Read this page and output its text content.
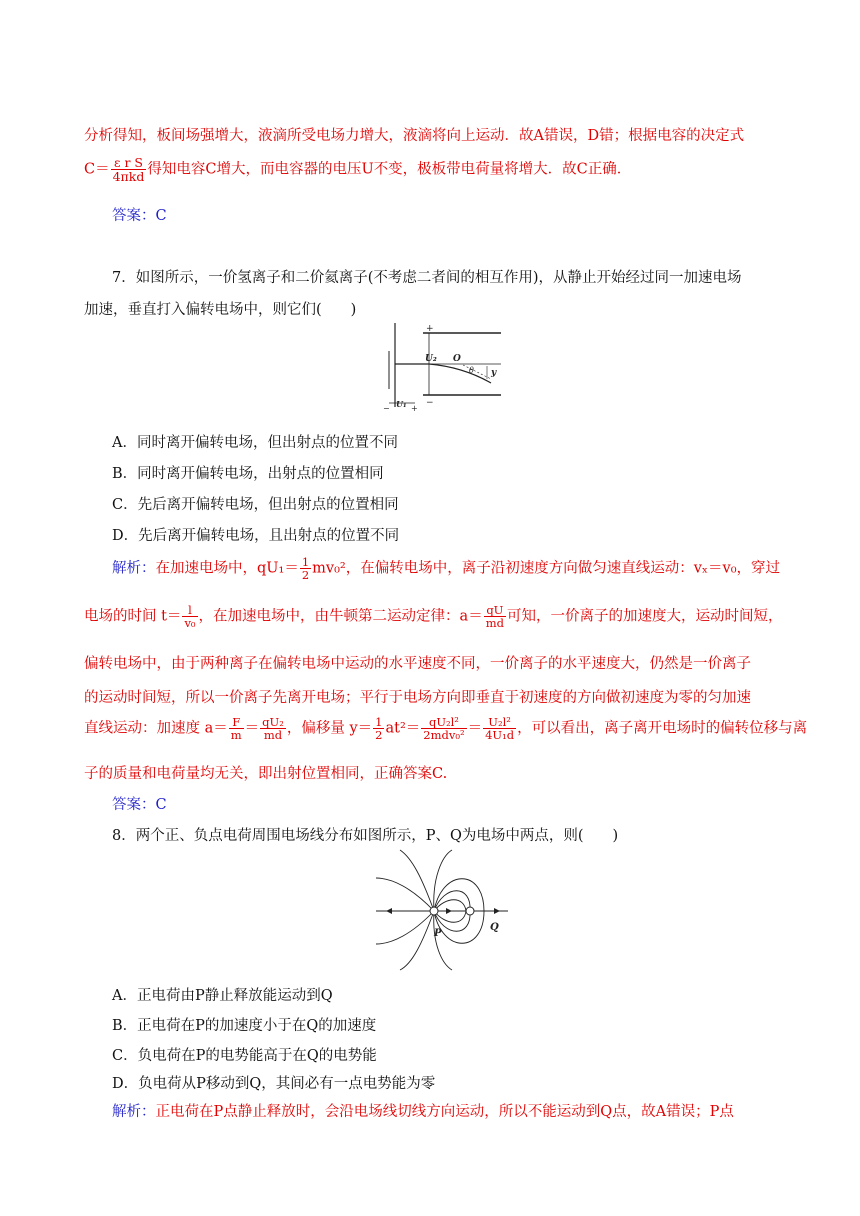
分析得知，板间场强增大，液滴所受电场力增大，液滴将向上运动．故A错误，D错；根据电容的决定式
$C= \frac{\text{ε r S}}{\text{4πkd}}$ 得知电容C增大，而电容器的电压U不变，极板带电荷量将增大．故C正确．
答案：C
7．如图所示，一价氢离子和二价氦离子(不考虑二者间的相互作用)，从静止开始经过同一加速电场
加速，垂直打入偏转电场中，则它们(　　)
+
−
U₂ O
θ y
U₁
−	+
A．同时离开偏转电场，但出射点的位置不同
B．同时离开偏转电场，出射点的位置相同
C．先后离开偏转电场，但出射点的位置相同
D．先后离开偏转电场，且出射点的位置不同
解析：在加速电场中，$qU_1= \frac{1}{2} mv_0^2$，在偏转电场中，离子沿初速度方向做匀速直线运动：vₓ＝v₀，穿过
电场的时间 $t= \frac{l}{\text{v₀}}$ ，在加速电场中，由牛顿第二运动定律：$a= \frac{qU}{md}$ 可知，一价离子的加速度大，运动时间短，
偏转电场中，由于两种离子在偏转电场中运动的水平速度不同，一价离子的水平速度大，仍然是一价离子
的运动时间短，所以一价离子先离开电场；平行于电场方向即垂直于初速度的方向做初速度为零的匀加速
直线运动：加速度 $a= \frac{F}{m} = \frac{\text{qU₂}}{md}$ ，偏移量 $y= \frac{1}{2} at^2= \frac{\text{qU₂l²}}{\text{2mdv₀²}} = \frac{\text{U₂l²}}{\text{4U₁d}}$ ，可以看出，离子离开电场时的偏转位移与离
子的质量和电荷量均无关，即出射位置相同，正确答案C.
答案：C
8．两个正、负点电荷周围电场线分布如图所示，P、Q为电场中两点，则(　　)
P
Q
A．正电荷由P静止释放能运动到Q
B．正电荷在P的加速度小于在Q的加速度
C．负电荷在P的电势能高于在Q的电势能
D．负电荷从P移动到Q，其间必有一点电势能为零
解析：正电荷在P点静止释放时，会沿电场线切线方向运动，所以不能运动到Q点，故A错误；P点
